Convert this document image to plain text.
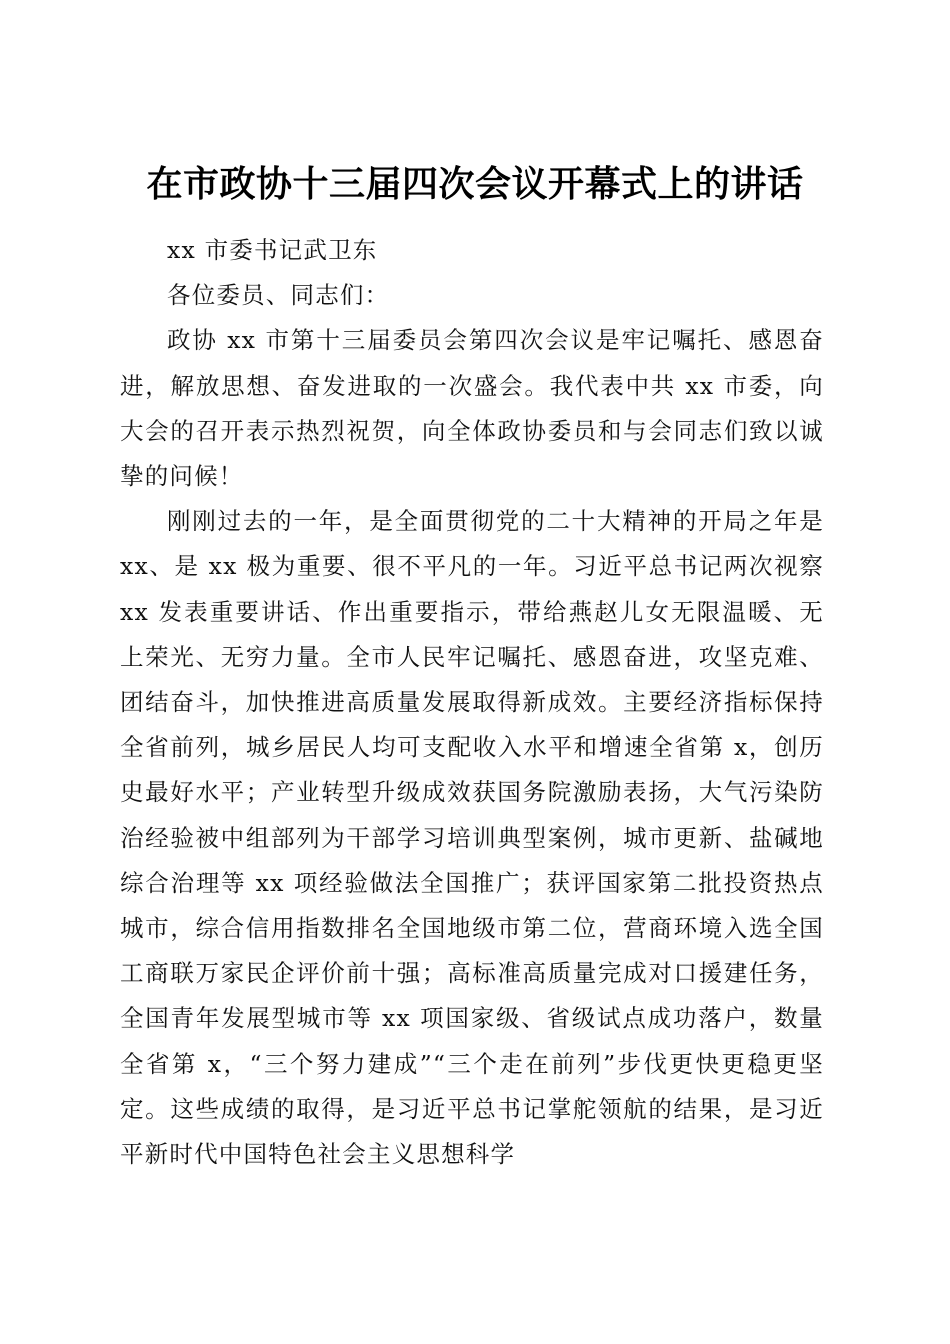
在市政协十三届四次会议开幕式上的讲话

xx 市委书记武卫东

各位委员、同志们：

政协 xx 市第十三届委员会第四次会议是牢记嘱托、感恩奋进，解放思想、奋发进取的一次盛会。我代表中共 xx 市委，向大会的召开表示热烈祝贺，向全体政协委员和与会同志们致以诚挚的问候！

刚刚过去的一年，是全面贯彻党的二十大精神的开局之年是 xx、是 xx 极为重要、很不平凡的一年。习近平总书记两次视察 xx 发表重要讲话、作出重要指示，带给燕赵儿女无限温暖、无上荣光、无穷力量。全市人民牢记嘱托、感恩奋进，攻坚克难、团结奋斗，加快推进高质量发展取得新成效。主要经济指标保持全省前列，城乡居民人均可支配收入水平和增速全省第 x，创历史最好水平；产业转型升级成效获国务院激励表扬，大气污染防治经验被中组部列为干部学习培训典型案例，城市更新、盐碱地综合治理等 xx 项经验做法全国推广；获评国家第二批投资热点城市，综合信用指数排名全国地级市第二位，营商环境入选全国工商联万家民企评价前十强；高标准高质量完成对口援建任务，全国青年发展型城市等 xx 项国家级、省级试点成功落户，数量全省第 x，“三个努力建成”“三个走在前列”步伐更快更稳更坚定。这些成绩的取得，是习近平总书记掌舵领航的结果，是习近平新时代中国特色社会主义思想科学
